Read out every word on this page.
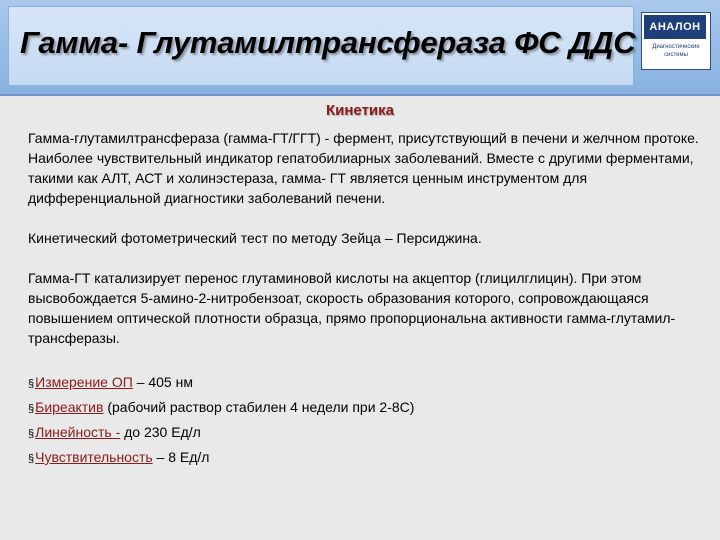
Гамма- Глутамилтрансфераза ФС ДДС	АНАЛОН
Диагностические
системы
Кинетика

Гамма-глутамилтрансфераза (гамма-ГТ/ГГТ) - фермент, присутствующий в печени и желчном протоке. Наиболее чувствительный индикатор гепатобилиарных заболеваний. Вместе с другими ферментами, такими как АЛТ, АСТ и холинэстераза, гамма- ГТ является ценным инструментом для дифференциальной диагностики заболеваний печени.

Кинетический фотометрический тест по методу Зейца – Персиджина.

Гамма-ГТ катализирует перенос глутаминовой кислоты на акцептор (глицилглицин). При этом высвобождается 5-амино-2-нитробензоат, скорость образования которого, сопровождающаяся повышением оптической плотности образца, прямо пропорциональна активности гамма-глутамил-трансферазы.

§Измерение ОП – 405 нм
§Биреактив (рабочий раствор стабилен 4 недели при 2-8С)
§Линейность - до 230 Ед/л
§Чувствительность – 8 Ед/л
